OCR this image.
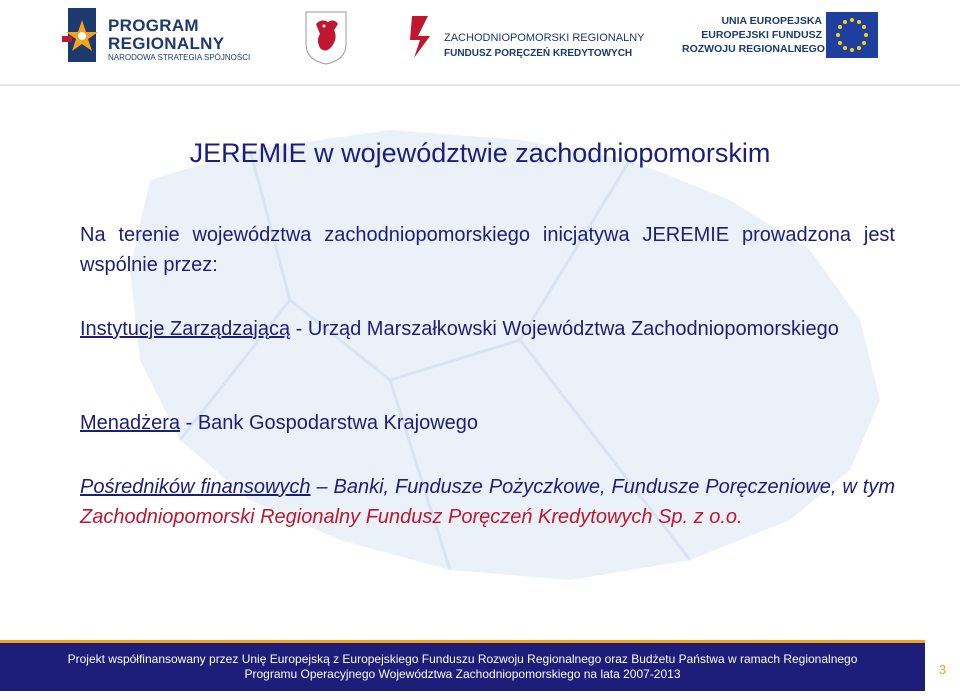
PROGRAM
REGIONALNY
NARODOWA STRATEGIA SPÓJNOŚCI
ZACHODNIOPOMORSKI REGIONALNY
FUNDUSZ PORĘCZEŃ KREDYTOWYCH
UNIA EUROPEJSKA
EUROPEJSKI FUNDUSZ
ROZWOJU REGIONALNEGO
JEREMIE w województwie zachodniopomorskim
Na terenie województwa zachodniopomorskiego inicjatywa JEREMIE prowadzona jest wspólnie przez:
Instytucje Zarządzającą - Urząd Marszałkowski Województwa Zachodniopomorskiego
Menadżera - Bank Gospodarstwa Krajowego
Pośredników finansowych – Banki, Fundusze Pożyczkowe, Fundusze Poręczeniowe, w tym Zachodniopomorski Regionalny Fundusz Poręczeń Kredytowych Sp. z o.o.
Projekt współfinansowany przez Unię Europejską z Europejskiego Funduszu Rozwoju Regionalnego oraz Budżetu Państwa w ramach Regionalnego
Programu Operacyjnego Województwa Zachodniopomorskiego na lata 2007-2013	3
